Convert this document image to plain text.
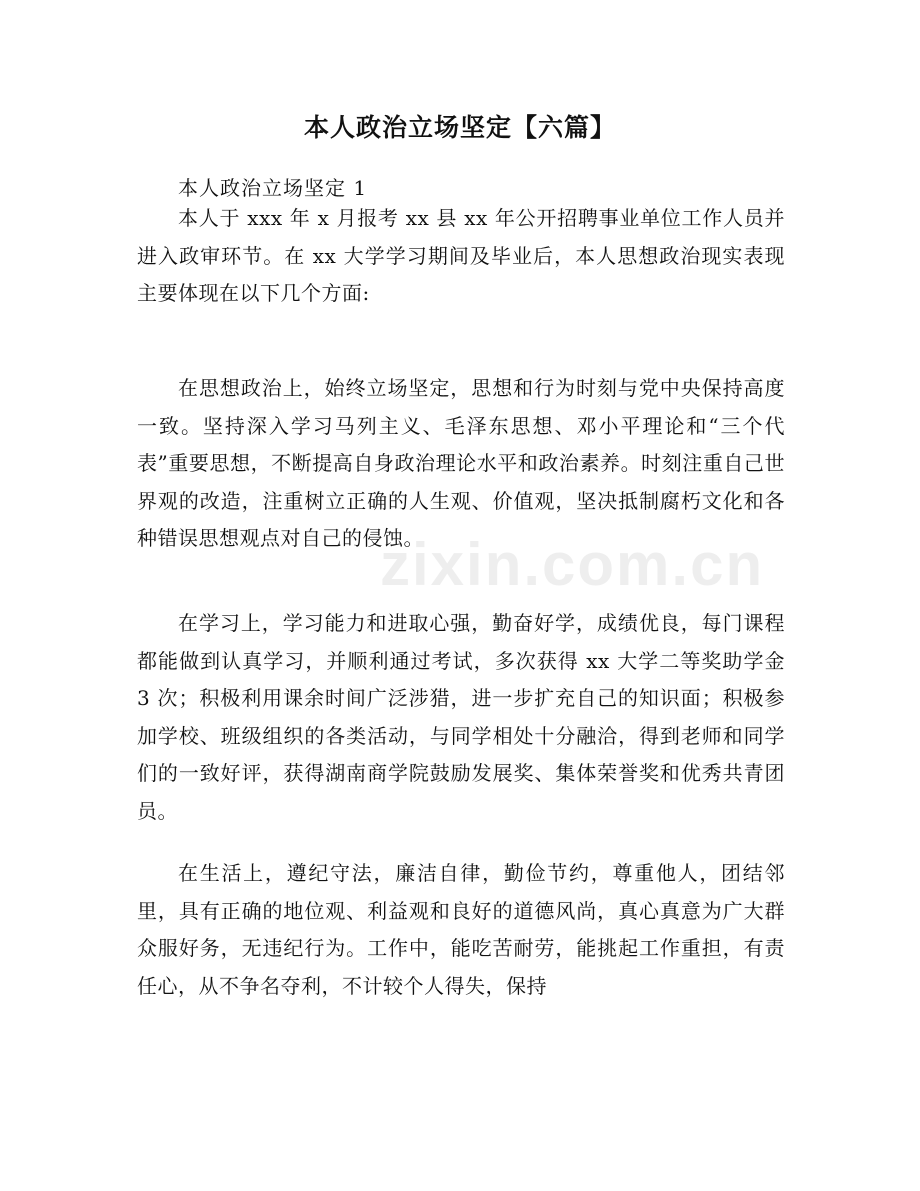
本人政治立场坚定【六篇】
本人政治立场坚定 1

本人于 xxx 年 x 月报考 xx 县 xx 年公开招聘事业单位工作人员并进入政审环节。在 xx 大学学习期间及毕业后，本人思想政治现实表现主要体现在以下几个方面:

在思想政治上，始终立场坚定，思想和行为时刻与党中央保持高度一致。坚持深入学习马列主义、毛泽东思想、邓小平理论和“三个代表”重要思想，不断提高自身政治理论水平和政治素养。时刻注重自己世界观的改造，注重树立正确的人生观、价值观，坚决抵制腐朽文化和各种错误思想观点对自己的侵蚀。

在学习上，学习能力和进取心强，勤奋好学，成绩优良，每门课程都能做到认真学习，并顺利通过考试，多次获得 xx 大学二等奖助学金 3 次；积极利用课余时间广泛涉猎，进一步扩充自己的知识面；积极参加学校、班级组织的各类活动，与同学相处十分融洽，得到老师和同学们的一致好评，获得湖南商学院鼓励发展奖、集体荣誉奖和优秀共青团员。

在生活上，遵纪守法，廉洁自律，勤俭节约，尊重他人，团结邻里，具有正确的地位观、利益观和良好的道德风尚，真心真意为广大群众服好务，无违纪行为。工作中，能吃苦耐劳，能挑起工作重担，有责任心，从不争名夺利，不计较个人得失，保持

zixin.com.cn
